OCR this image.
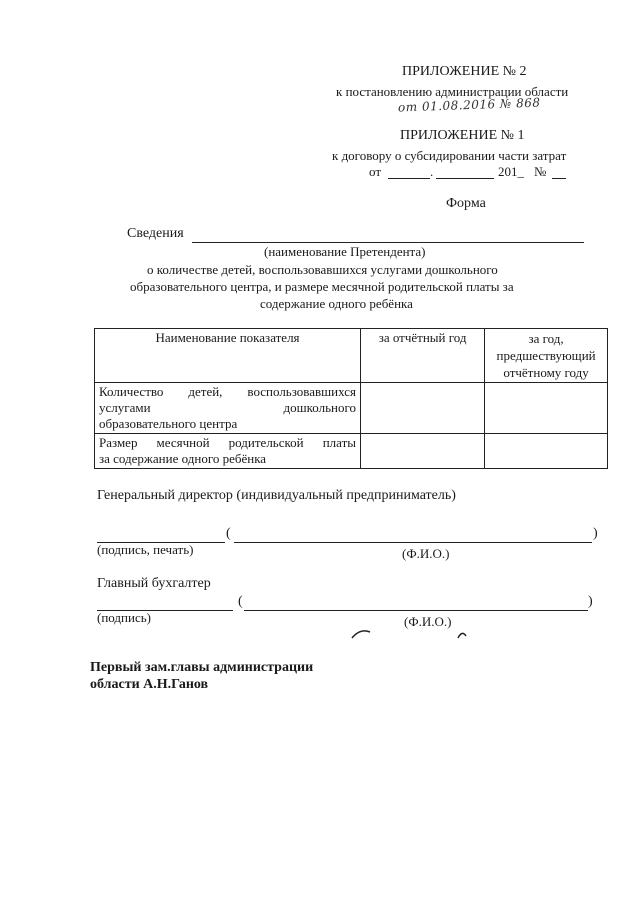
ПРИЛОЖЕНИЕ № 2
к постановлению администрации области
от 01.08.2016 № 868
ПРИЛОЖЕНИЕ № 1
к договору о субсидировании части затрат
от	.	201_ №
Форма
Сведения
(наименование Претендента)
о количестве детей, воспользовавшихся услугами дошкольного
образовательного центра, и размере месячной родительской платы за
содержание одного ребёнка
Наименование показателя	за отчётный год	за год, предшествующий отчётному году

Количество детей, воспользовавшихся
услугами дошкольного
образовательного центра		

Размер месячной родительской платы
за содержание одного ребёнка		

Генеральный директор (индивидуальный предприниматель)
(	)
(подпись, печать)	(Ф.И.О.)
Главный бухгалтер
(	)
(подпись)	(Ф.И.О.)
Первый зам.главы администрации
области А.Н.Ганов
